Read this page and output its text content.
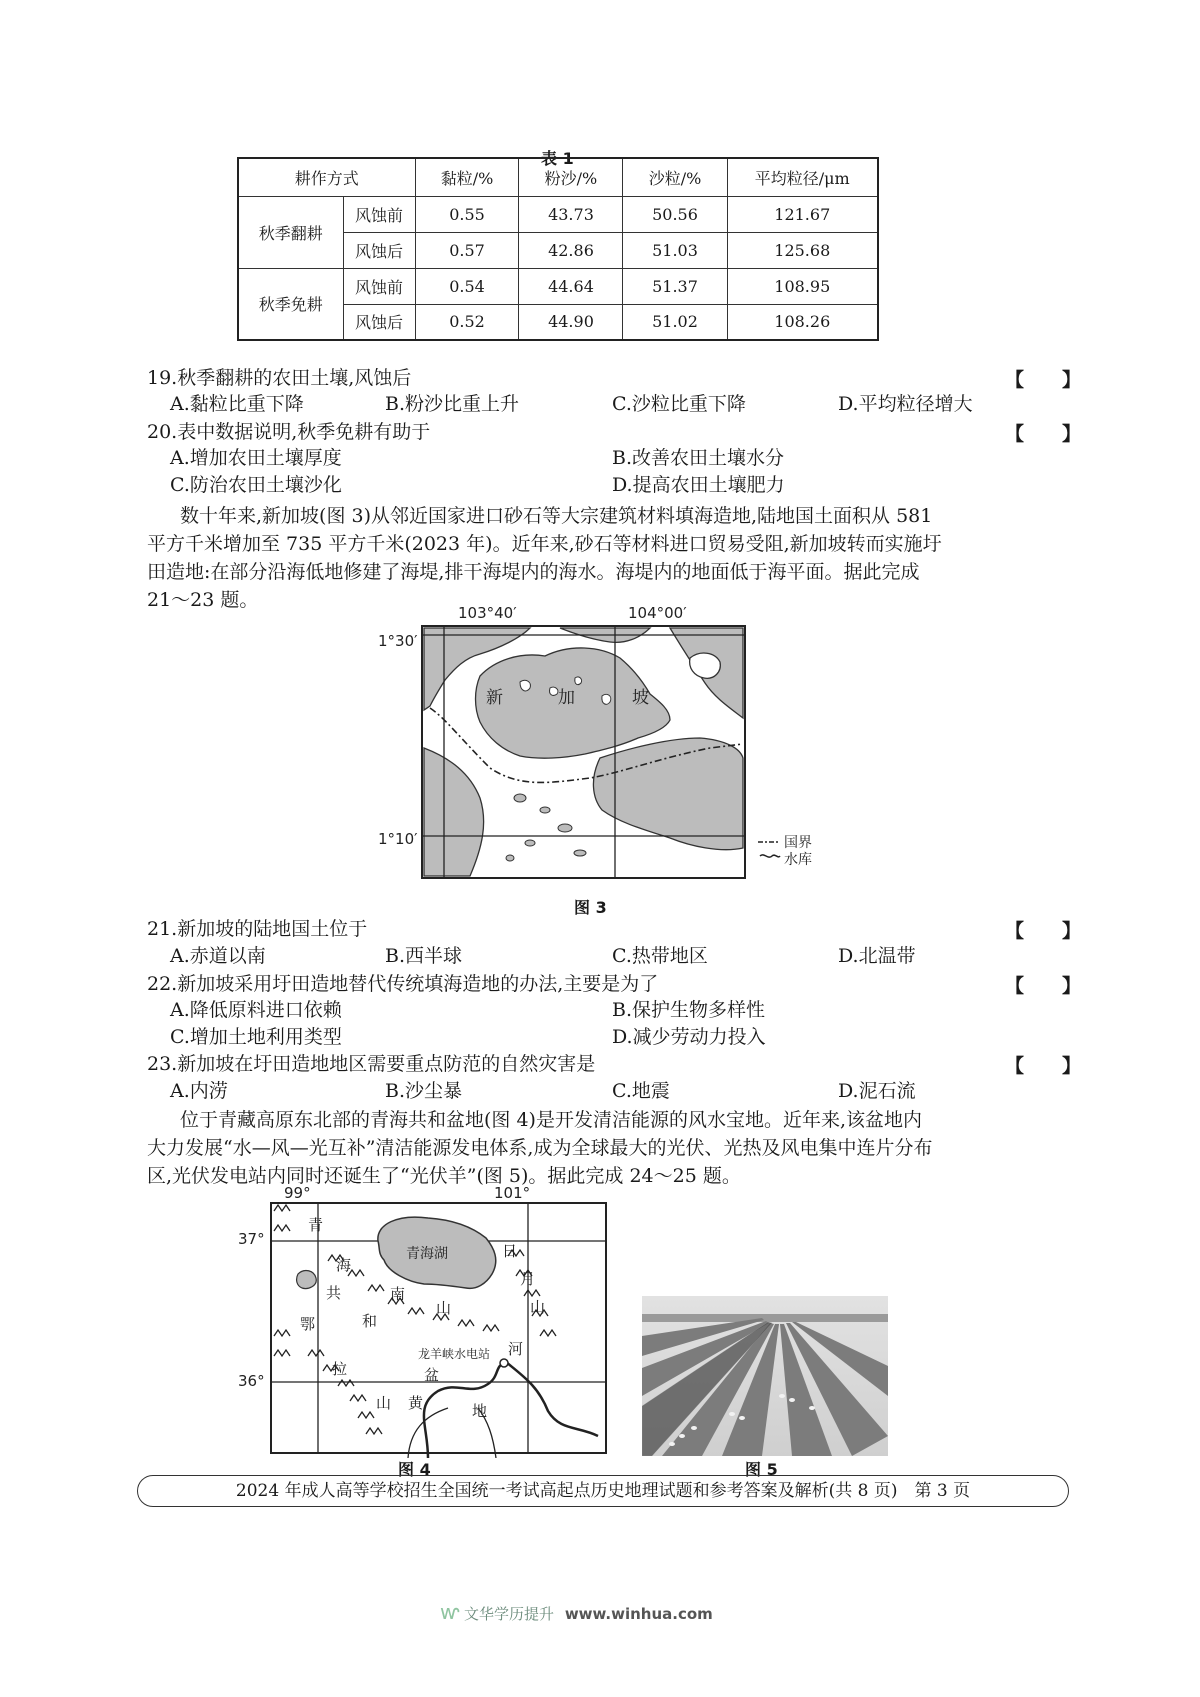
表 1
耕作方式		黏粒/%	粉沙/%	沙粒/%	平均粒径/μm
秋季翻耕	风蚀前	0.55	43.73	50.56	121.67
	风蚀后	0.57	42.86	51.03	125.68
秋季免耕	风蚀前	0.54	44.64	51.37	108.95
	风蚀后	0.52	44.90	51.02	108.26
19.秋季翻耕的农田土壤,风蚀后	【　　】
A.黏粒比重下降	B.粉沙比重上升	C.沙粒比重下降	D.平均粒径增大
20.表中数据说明,秋季免耕有助于	【　　】
A.增加农田土壤厚度	B.改善农田土壤水分
C.防治农田土壤沙化	D.提高农田土壤肥力
数十年来,新加坡(图 3)从邻近国家进口砂石等大宗建筑材料填海造地,陆地国土面积从 581
平方千米增加至 735 平方千米(2023 年)。近年来,砂石等材料进口贸易受阻,新加坡转而实施圩
田造地:在部分沿海低地修建了海堤,排干海堤内的海水。海堤内的地面低于海平面。据此完成
21～23 题。
103°40′	104°00′
1°30′
1°10′
新	加	坡
国界
水库
图 3
21.新加坡的陆地国土位于	【　　】
A.赤道以南	B.西半球	C.热带地区	D.北温带
22.新加坡采用圩田造地替代传统填海造地的办法,主要是为了	【　　】
A.降低原料进口依赖	B.保护生物多样性
C.增加土地利用类型	D.减少劳动力投入
23.新加坡在圩田造地地区需要重点防范的自然灾害是	【　　】
A.内涝	B.沙尘暴	C.地震	D.泥石流
位于青藏高原东北部的青海共和盆地(图 4)是开发清洁能源的风水宝地。近年来,该盆地内
大力发展“水—风—光互补”清洁能源发电体系,成为全球最大的光伏、光热及风电集中连片分布
区,光伏发电站内同时还诞生了“光伏羊”(图 5)。据此完成 24～25 题。
99°	101°
37°
36°
青海湖
龙羊峡水电站
青
海
南
山
共
和
盆
地
鄂
拉
山 黄
河
日
月
山
图 4	图 5
2024 年成人高等学校招生全国统一考试高起点历史地理试题和参考答案及解析(共 8 页)　第 3 页
ⱳ 文华学历提升 www.winhua.com
